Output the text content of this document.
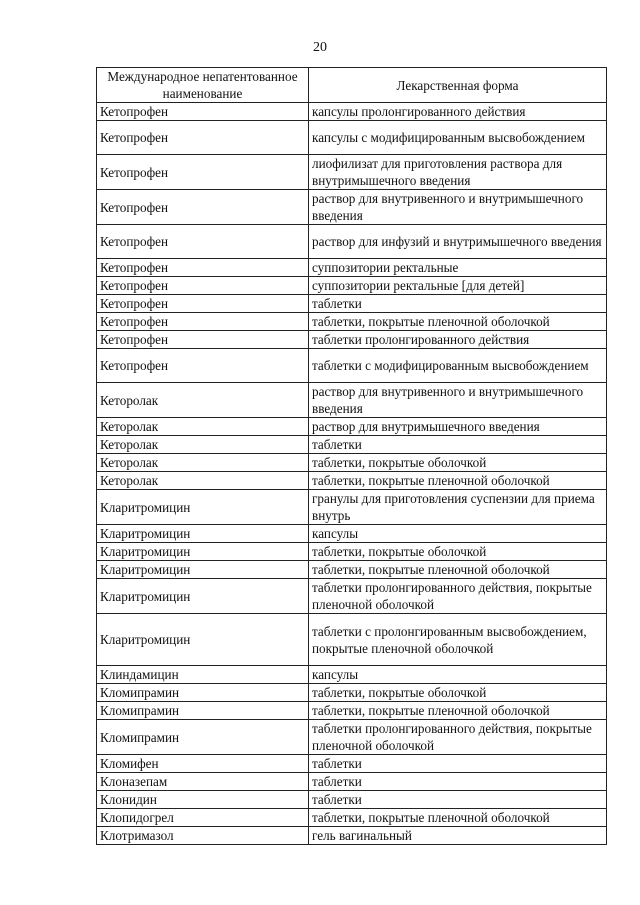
20
Международное непатентованное наименование	Лекарственная форма
Кетопрофен	капсулы пролонгированного действия
Кетопрофен	капсулы с модифицированным высвобождением
Кетопрофен	лиофилизат для приготовления раствора для внутримышечного введения
Кетопрофен	раствор для внутривенного и внутримышечного введения
Кетопрофен	раствор для инфузий и внутримышечного введения
Кетопрофен	суппозитории ректальные
Кетопрофен	суппозитории ректальные [для детей]
Кетопрофен	таблетки
Кетопрофен	таблетки, покрытые пленочной оболочкой
Кетопрофен	таблетки пролонгированного действия
Кетопрофен	таблетки с модифицированным высвобождением
Кеторолак	раствор для внутривенного и внутримышечного введения
Кеторолак	раствор для внутримышечного введения
Кеторолак	таблетки
Кеторолак	таблетки, покрытые оболочкой
Кеторолак	таблетки, покрытые пленочной оболочкой
Кларитромицин	гранулы для приготовления суспензии для приема внутрь
Кларитромицин	капсулы
Кларитромицин	таблетки, покрытые оболочкой
Кларитромицин	таблетки, покрытые пленочной оболочкой
Кларитромицин	таблетки пролонгированного действия, покрытые пленочной оболочкой
Кларитромицин	таблетки с пролонгированным высвобождением, покрытые пленочной оболочкой
Клиндамицин	капсулы
Кломипрамин	таблетки, покрытые оболочкой
Кломипрамин	таблетки, покрытые пленочной оболочкой
Кломипрамин	таблетки пролонгированного действия, покрытые пленочной оболочкой
Кломифен	таблетки
Клоназепам	таблетки
Клонидин	таблетки
Клопидогрел	таблетки, покрытые пленочной оболочкой
Клотримазол	гель вагинальный
